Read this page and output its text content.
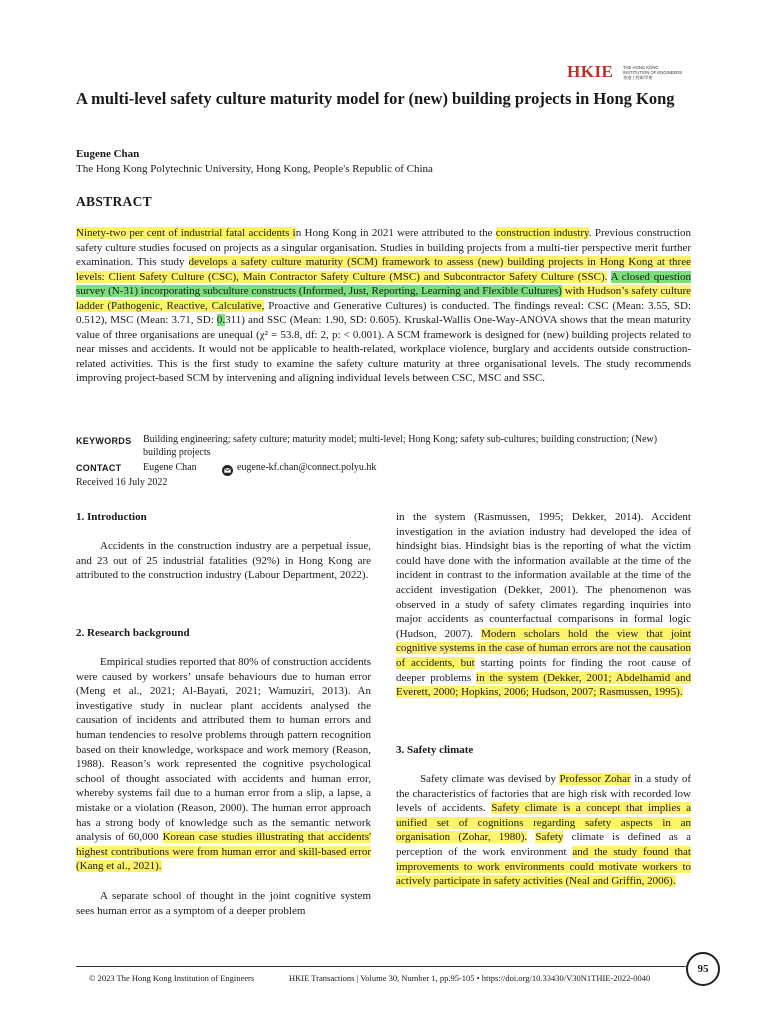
HKIE THE HONG KONG
INSTITUTION OF ENGINEERS
香港工程師學會
A multi-level safety culture maturity model for (new) building projects in Hong Kong
Eugene Chan
The Hong Kong Polytechnic University, Hong Kong, People's Republic of China
ABSTRACT
Ninety-two per cent of industrial fatal accidents in Hong Kong in 2021 were attributed to the construction industry. Previous construction safety culture studies focused on projects as a singular organisation. Studies in building projects from a multi-tier perspective merit further examination. This study develops a safety culture maturity (SCM) framework to assess (new) building projects in Hong Kong at three levels: Client Safety Culture (CSC), Main Contractor Safety Culture (MSC) and Subcontractor Safety Culture (SSC). A closed question survey (N-31) incorporating subculture constructs (Informed, Just, Reporting, Learning and Flexible Cultures) with Hudson’s safety culture ladder (Pathogenic, Reactive, Calculative, Proactive and Generative Cultures) is conducted. The findings reveal: CSC (Mean: 3.55, SD: 0.512), MSC (Mean: 3.71, SD: 0.311) and SSC (Mean: 1.90, SD: 0.605). Kruskal-Wallis One-Way-ANOVA shows that the mean maturity value of three organisations are unequal (χ² = 53.8, df: 2, p: < 0.001). A SCM framework is designed for (new) building projects related to near misses and accidents. It would not be applicable to health-related, workplace violence, burglary and accidents outside construction-related activities. This is the first study to examine the safety culture maturity at three organisational levels. The study recommends improving project-based SCM by intervening and aligning individual levels between CSC, MSC and SSC.
KEYWORDS Building engineering; safety culture; maturity model; multi-level; Hong Kong; safety sub-cultures; building construction; (New) building projects
CONTACT Eugene Chan	eugene-kf.chan@connect.polyu.hk
Received 16 July 2022
1. Introduction
Accidents in the construction industry are a perpetual issue, and 23 out of 25 industrial fatalities (92%) in Hong Kong are attributed to the construction industry (Labour Department, 2022).
2. Research background
Empirical studies reported that 80% of construction accidents were caused by workers’ unsafe behaviours due to human error (Meng et al., 2021; Al-Bayati, 2021; Wamuziri, 2013). An investigative study in nuclear plant accidents analysed the causation of incidents and attributed them to human errors and human tendencies to resolve problems through pattern recognition based on their knowledge, workspace and work memory (Reason, 1988). Reason’s work represented the cognitive psychological school of thought associated with accidents and human error, whereby systems fail due to a human error from a slip, a lapse, a mistake or a violation (Reason, 2000). The human error approach has a strong body of knowledge such as the semantic network analysis of 60,000 Korean case studies illustrating that accidents' highest contributions were from human error and skill-based error (Kang et al., 2021).
A separate school of thought in the joint cognitive system sees human error as a symptom of a deeper problem
in the system (Rasmussen, 1995; Dekker, 2014). Accident investigation in the aviation industry had developed the idea of hindsight bias. Hindsight bias is the reporting of what the victim could have done with the information available at the time of the incident in contrast to the information available at the time of the accident investigation (Dekker, 2001). The phenomenon was observed in a study of safety climates regarding inquiries into major accidents as counterfactual comparisons in formal logic (Hudson, 2007). Modern scholars hold the view that joint cognitive systems in the case of human errors are not the causation of accidents, but starting points for finding the root cause of deeper problems in the system (Dekker, 2001; Abdelhamid and Everett, 2000; Hopkins, 2006; Hudson, 2007; Rasmussen, 1995).
3. Safety climate
Safety climate was devised by Professor Zohar in a study of the characteristics of factories that are high risk with recorded low levels of accidents. Safety climate is a concept that implies a unified set of cognitions regarding safety aspects in an organisation (Zohar, 1980). Safety climate is defined as a perception of the work environment and the study found that improvements to work environments could motivate workers to actively participate in safety activities (Neal and Griffin, 2006).
© 2023 The Hong Kong Institution of Engineers	HKIE Transactions | Volume 30, Number 1, pp.95-105 • https://doi.org/10.33430/V30N1THIE-2022-0040
95
